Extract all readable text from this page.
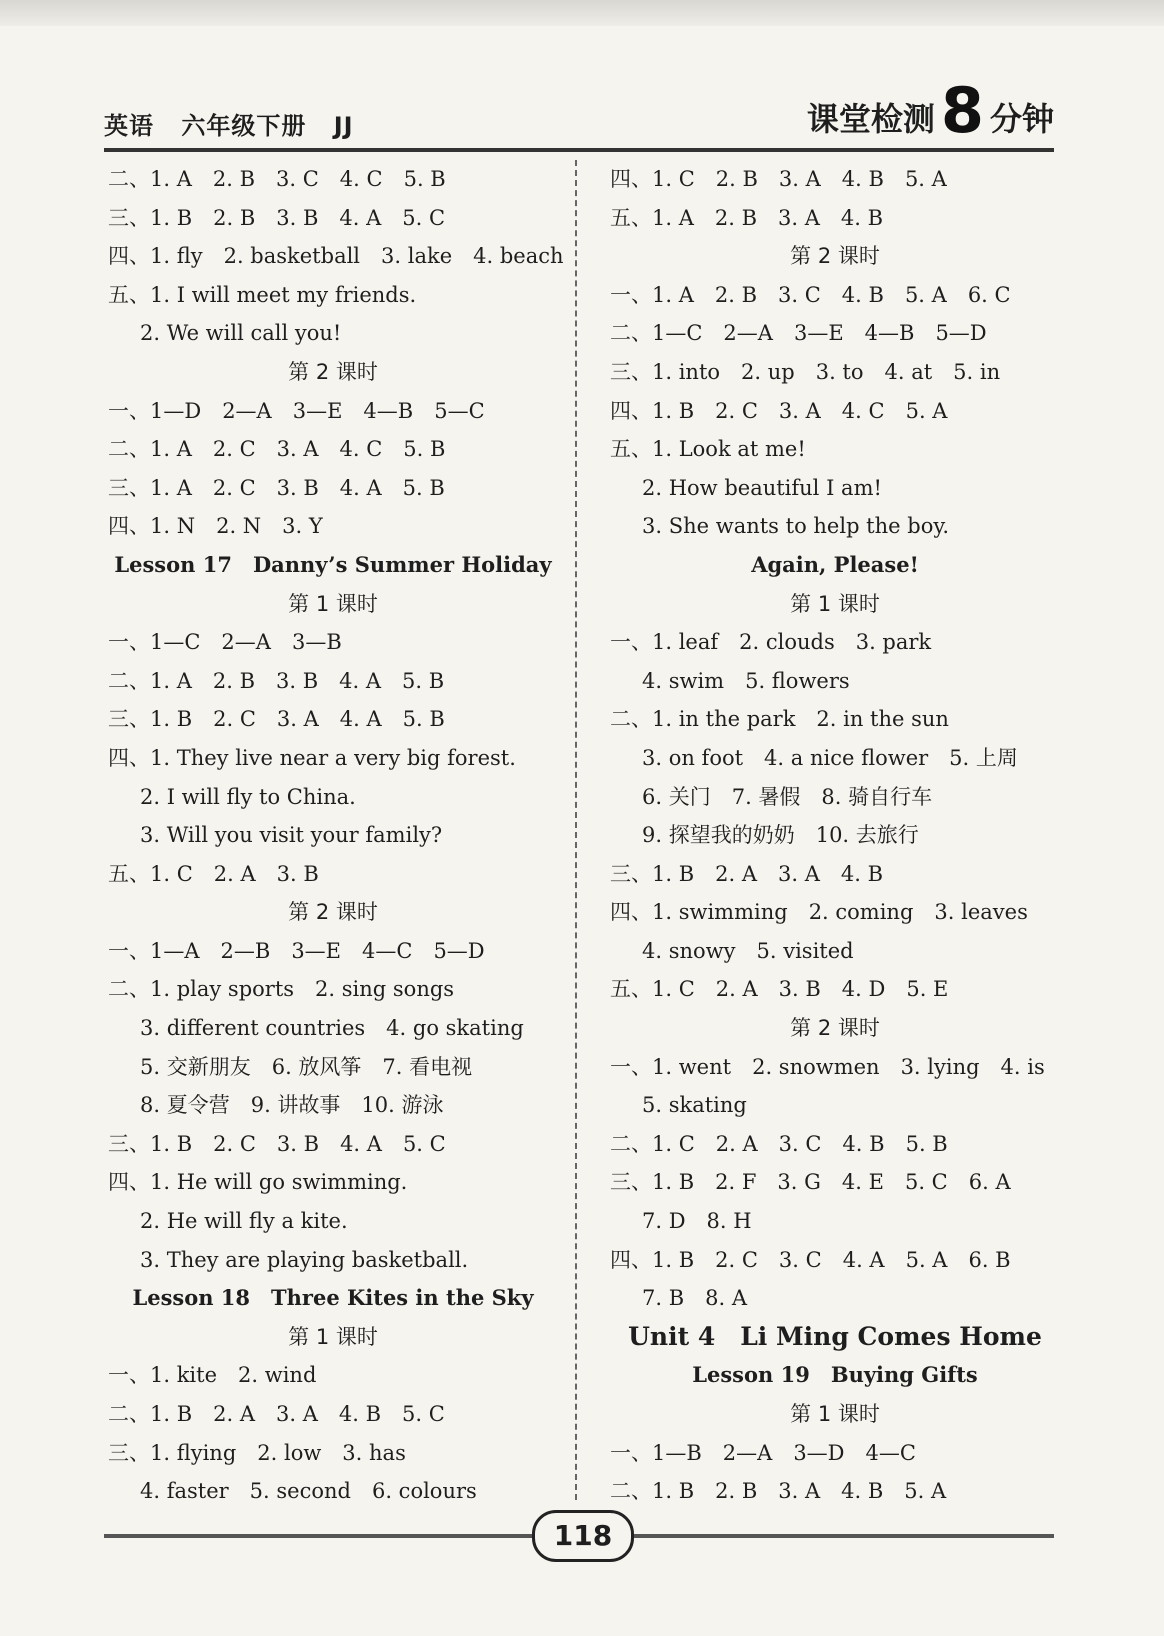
英语 六年级下册 JJ	课堂检测 8 分钟
二、1. A　2. B　3. C　4. C　5. B
三、1. B　2. B　3. B　4. A　5. C
四、1. fly　2. basketball　3. lake　4. beach
五、1. I will meet my friends.
2. We will call you!
第 2 课时
一、1—D　2—A　3—E　4—B　5—C
二、1. A　2. C　3. A　4. C　5. B
三、1. A　2. C　3. B　4. A　5. B
四、1. N　2. N　3. Y
Lesson 17　Danny’s Summer Holiday
第 1 课时
一、1—C　2—A　3—B
二、1. A　2. B　3. B　4. A　5. B
三、1. B　2. C　3. A　4. A　5. B
四、1. They live near a very big forest.
2. I will fly to China.
3. Will you visit your family?
五、1. C　2. A　3. B
第 2 课时
一、1—A　2—B　3—E　4—C　5—D
二、1. play sports　2. sing songs
3. different countries　4. go skating
5. 交新朋友　6. 放风筝　7. 看电视
8. 夏令营　9. 讲故事　10. 游泳
三、1. B　2. C　3. B　4. A　5. C
四、1. He will go swimming.
2. He will fly a kite.
3. They are playing basketball.
Lesson 18　Three Kites in the Sky
第 1 课时
一、1. kite　2. wind
二、1. B　2. A　3. A　4. B　5. C
三、1. flying　2. low　3. has
4. faster　5. second　6. colours
四、1. C　2. B　3. A　4. B　5. A
五、1. A　2. B　3. A　4. B
第 2 课时
一、1. A　2. B　3. C　4. B　5. A　6. C
二、1—C　2—A　3—E　4—B　5—D
三、1. into　2. up　3. to　4. at　5. in
四、1. B　2. C　3. A　4. C　5. A
五、1. Look at me!
2. How beautiful I am!
3. She wants to help the boy.
Again, Please!
第 1 课时
一、1. leaf　2. clouds　3. park
4. swim　5. flowers
二、1. in the park　2. in the sun
3. on foot　4. a nice flower　5. 上周
6. 关门　7. 暑假　8. 骑自行车
9. 探望我的奶奶　10. 去旅行
三、1. B　2. A　3. A　4. B
四、1. swimming　2. coming　3. leaves
4. snowy　5. visited
五、1. C　2. A　3. B　4. D　5. E
第 2 课时
一、1. went　2. snowmen　3. lying　4. is
5. skating
二、1. C　2. A　3. C　4. B　5. B
三、1. B　2. F　3. G　4. E　5. C　6. A
7. D　8. H
四、1. B　2. C　3. C　4. A　5. A　6. B
7. B　8. A
Unit 4　Li Ming Comes Home
Lesson 19　Buying Gifts
第 1 课时
一、1—B　2—A　3—D　4—C
二、1. B　2. B　3. A　4. B　5. A
118
